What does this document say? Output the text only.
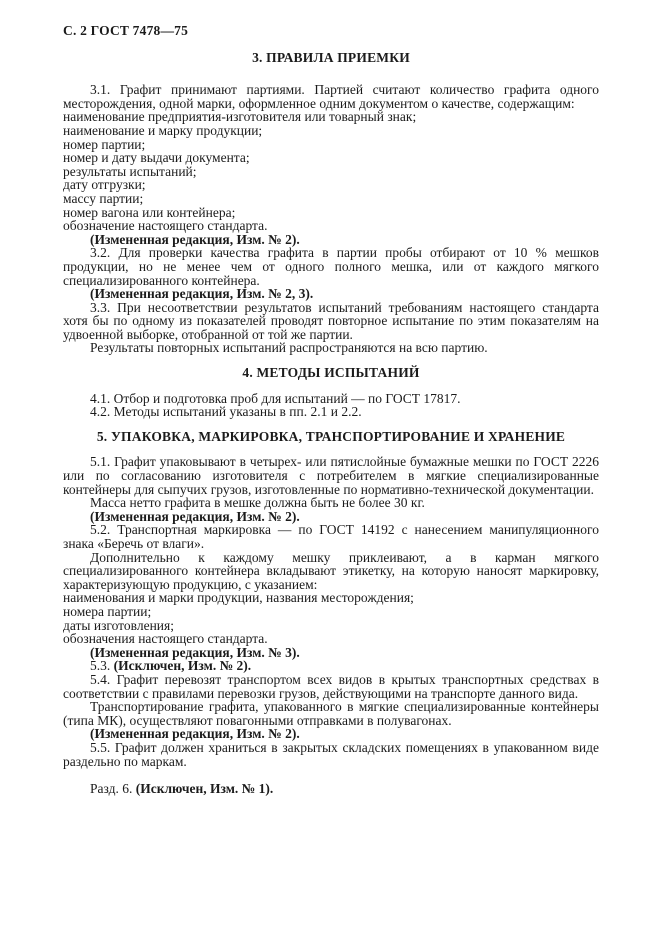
С. 2 ГОСТ 7478—75
3. ПРАВИЛА ПРИЕМКИ

3.1. Графит принимают партиями. Партией считают количество графита одного месторождения, одной марки, оформленное одним документом о качестве, содержащим:

наименование предприятия-изготовителя или товарный знак;

наименование и марку продукции;

номер партии;

номер и дату выдачи документа;

результаты испытаний;

дату отгрузки;

массу партии;

номер вагона или контейнера;

обозначение настоящего стандарта.

(Измененная редакция, Изм. № 2).

3.2. Для проверки качества графита в партии пробы отбирают от 10 % мешков продукции, но не менее чем от одного полного мешка, или от каждого мягкого специализированного контейнера.

(Измененная редакция, Изм. № 2, 3).

3.3. При несоответствии результатов испытаний требованиям настоящего стандарта хотя бы по одному из показателей проводят повторное испытание по этим показателям на удвоенной выборке, отобранной от той же партии.

Результаты повторных испытаний распространяются на всю партию.

4. МЕТОДЫ ИСПЫТАНИЙ

4.1. Отбор и подготовка проб для испытаний — по ГОСТ 17817.

4.2. Методы испытаний указаны в пп. 2.1 и 2.2.

5. УПАКОВКА, МАРКИРОВКА, ТРАНСПОРТИРОВАНИЕ И ХРАНЕНИЕ

5.1. Графит упаковывают в четырех- или пятислойные бумажные мешки по ГОСТ 2226 или по согласованию изготовителя с потребителем в мягкие специализированные контейнеры для сыпучих грузов, изготовленные по нормативно-технической документации.

Масса нетто графита в мешке должна быть не более 30 кг.

(Измененная редакция, Изм. № 2).

5.2. Транспортная маркировка — по ГОСТ 14192 с нанесением манипуляционного знака «Беречь от влаги».

Дополнительно к каждому мешку приклеивают, а в карман мягкого специализированного контейнера вкладывают этикетку, на которую наносят маркировку, характеризующую продукцию, с указанием:

наименования и марки продукции, названия месторождения;

номера партии;

даты изготовления;

обозначения настоящего стандарта.

(Измененная редакция, Изм. № 3).

5.3. (Исключен, Изм. № 2).

5.4. Графит перевозят транспортом всех видов в крытых транспортных средствах в соответствии с правилами перевозки грузов, действующими на транспорте данного вида.

Транспортирование графита, упакованного в мягкие специализированные контейнеры (типа МК), осуществляют повагонными отправками в полувагонах.

(Измененная редакция, Изм. № 2).

5.5. Графит должен храниться в закрытых складских помещениях в упакованном виде раздельно по маркам.

Разд. 6. (Исключен, Изм. № 1).
